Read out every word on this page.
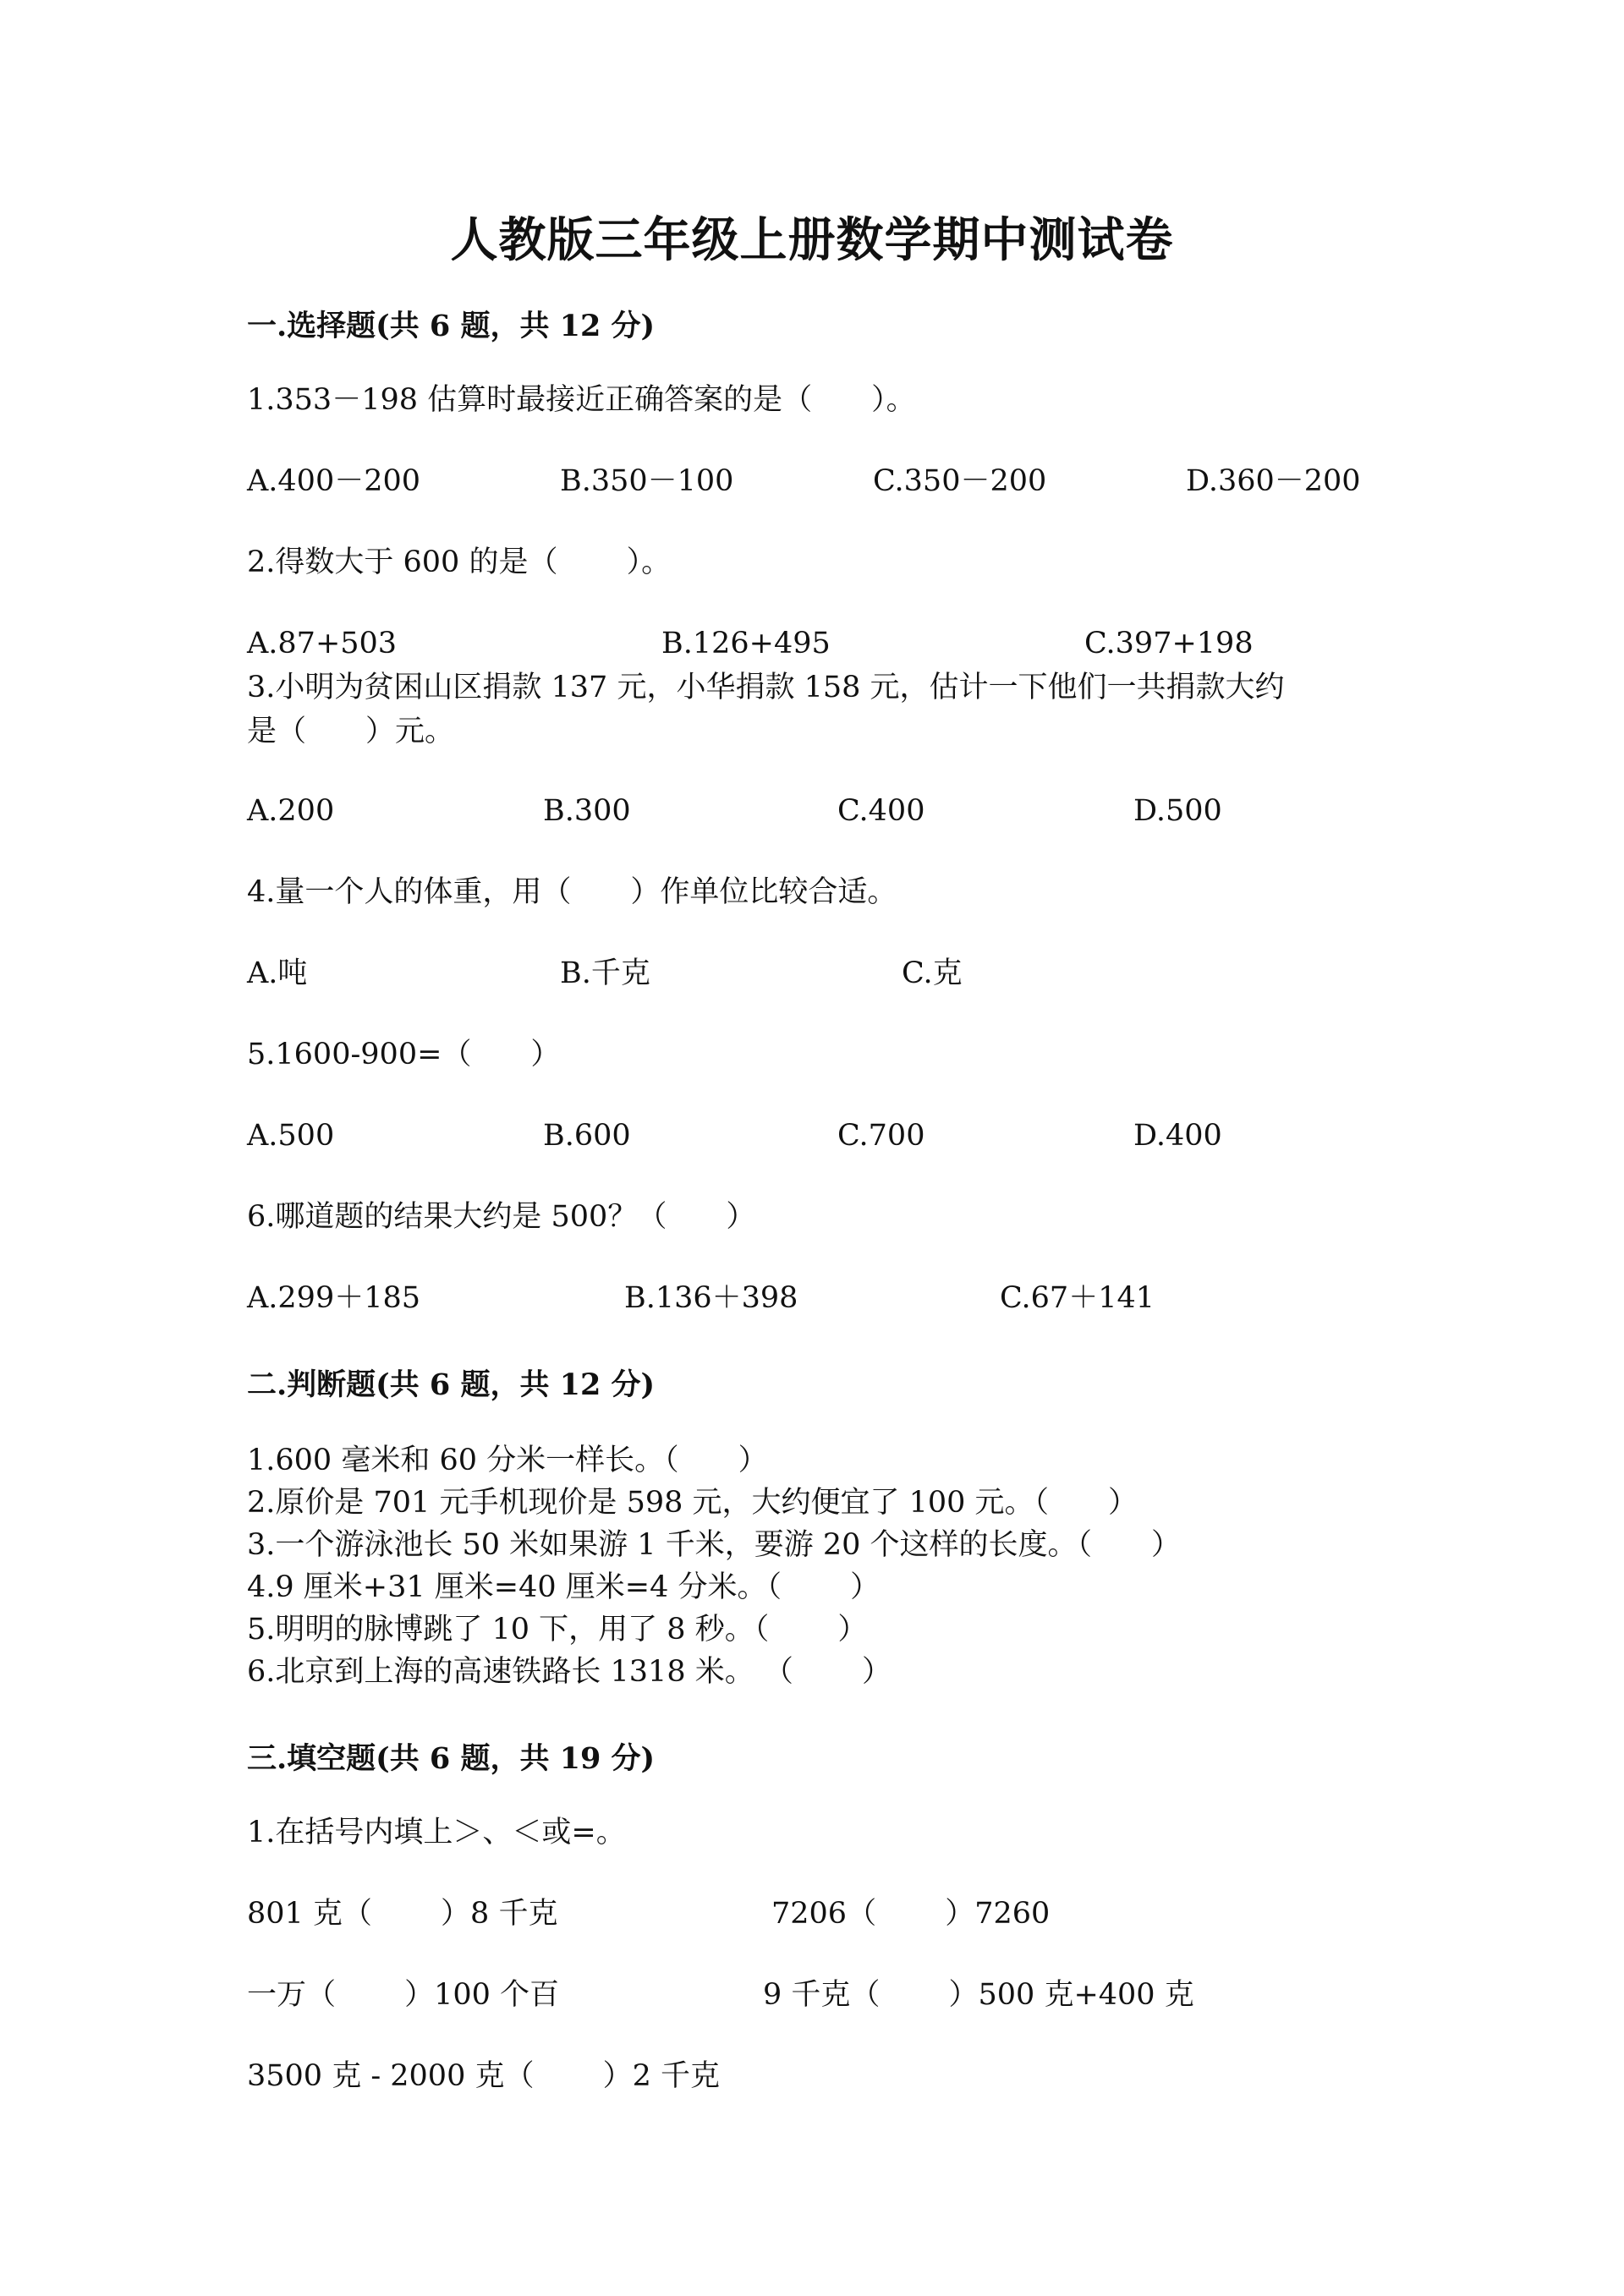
人教版三年级上册数学期中测试卷
一.选择题(共 6 题，共 12 分)
1.353－198 估算时最接近正确答案的是（　　）。
A.400－200	B.350－100	C.350－200	D.360－200
2.得数大于 600 的是（　　 ）。
A.87+503	B.126+495	C.397+198
3.小明为贫困山区捐款 137 元，小华捐款 158 元，估计一下他们一共捐款大约
是（　　）元。
A.200	B.300	C.400	D.500
4.量一个人的体重，用（　　）作单位比较合适。
A.吨	B.千克	C.克
5.1600-900=（　　）
A.500	B.600	C.700	D.400
6.哪道题的结果大约是 500？（　　）
A.299＋185	B.136＋398	C.67＋141
二.判断题(共 6 题，共 12 分)
1.600 毫米和 60 分米一样长。（　　）
2.原价是 701 元手机现价是 598 元，大约便宜了 100 元。（　　）
3.一个游泳池长 50 米如果游 1 千米，要游 20 个这样的长度。（　　）
4.9 厘米+31 厘米=40 厘米=4 分米。（　　 ）
5.明明的脉博跳了 10 下，用了 8 秒。（　　 ）
6.北京到上海的高速铁路长 1318 米。 （　　 ）
三.填空题(共 6 题，共 19 分)
1.在括号内填上＞、＜或=。
801 克（　　 ）8 千克	7206（　　 ）7260
一万（　　 ）100 个百	9 千克（　　 ）500 克+400 克
3500 克 - 2000 克（　　 ）2 千克
